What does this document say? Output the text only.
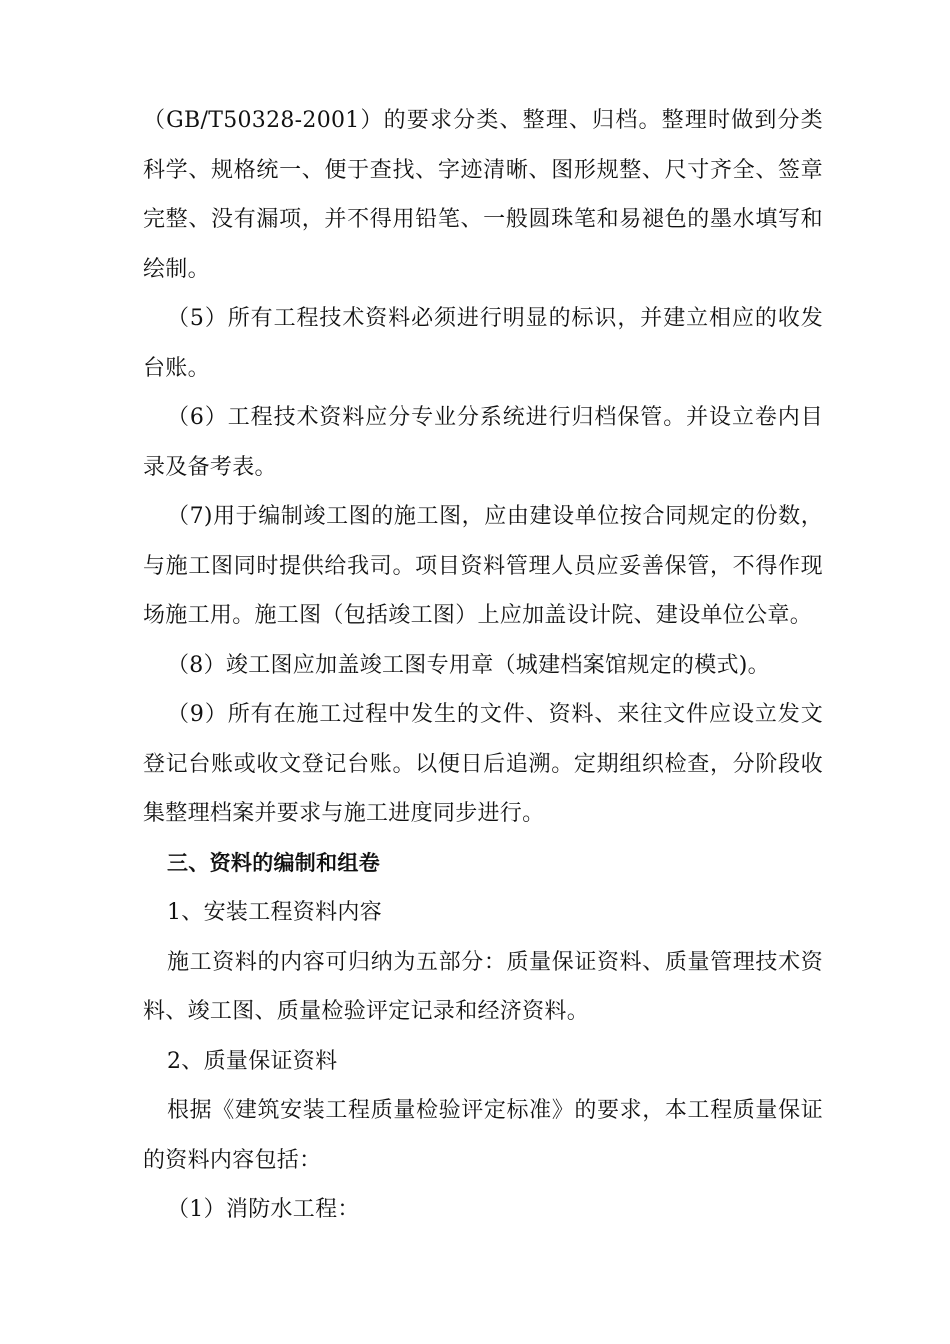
（GB/T50328-2001）的要求分类、整理、归档。整理时做到分类科学、规格统一、便于查找、字迹清晰、图形规整、尺寸齐全、签章完整、没有漏项，并不得用铅笔、一般圆珠笔和易褪色的墨水填写和绘制。

（5）所有工程技术资料必须进行明显的标识，并建立相应的收发台账。

（6）工程技术资料应分专业分系统进行归档保管。并设立卷内目录及备考表。

（7)用于编制竣工图的施工图，应由建设单位按合同规定的份数，与施工图同时提供给我司。项目资料管理人员应妥善保管，不得作现场施工用。施工图（包括竣工图）上应加盖设计院、建设单位公章。

（8）竣工图应加盖竣工图专用章（城建档案馆规定的模式)。

（9）所有在施工过程中发生的文件、资料、来往文件应设立发文登记台账或收文登记台账。以便日后追溯。定期组织检查，分阶段收集整理档案并要求与施工进度同步进行。

三、资料的编制和组卷

1、安装工程资料内容

施工资料的内容可归纳为五部分：质量保证资料、质量管理技术资料、竣工图、质量检验评定记录和经济资料。

2、质量保证资料

根据《建筑安装工程质量检验评定标准》的要求，本工程质量保证的资料内容包括：

（1）消防水工程：
